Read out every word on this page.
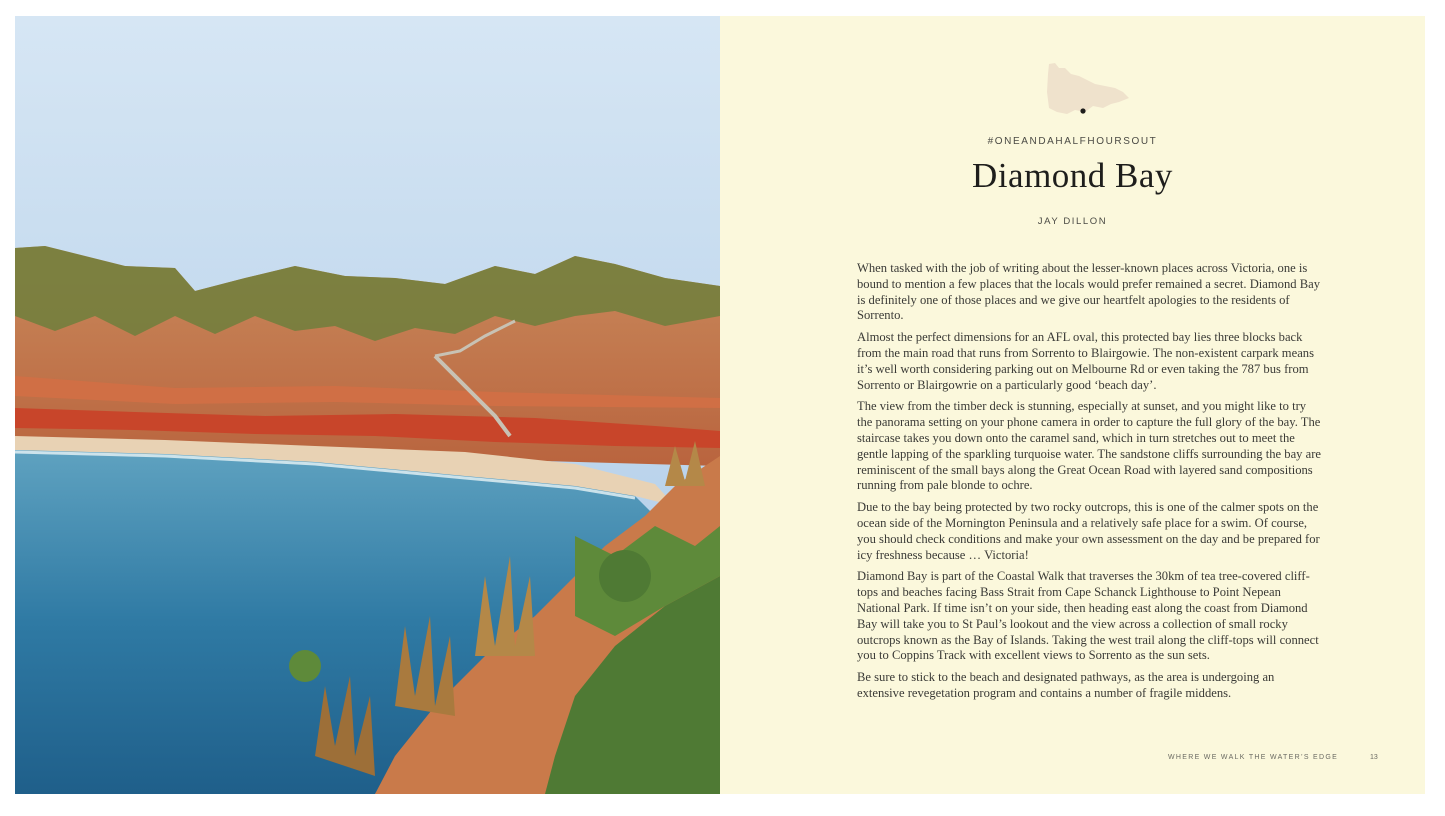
#ONEANDAHALFHOURSOUT
Diamond Bay
JAY DILLON

When tasked with the job of writing about the lesser-known places across Victoria, one is bound to mention a few places that the locals would prefer remained a secret. Diamond Bay is definitely one of those places and we give our heartfelt apologies to the residents of Sorrento.

Almost the perfect dimensions for an AFL oval, this protected bay lies three blocks back from the main road that runs from Sorrento to Blairgowie. The non-existent carpark means it’s well worth considering parking out on Melbourne Rd or even taking the 787 bus from Sorrento or Blairgowrie on a particularly good ‘beach day’.

The view from the timber deck is stunning, especially at sunset, and you might like to try the panorama setting on your phone camera in order to capture the full glory of the bay. The staircase takes you down onto the caramel sand, which in turn stretches out to meet the gentle lapping of the sparkling turquoise water. The sandstone cliffs surrounding the bay are reminiscent of the small bays along the Great Ocean Road with layered sand compositions running from pale blonde to ochre.

Due to the bay being protected by two rocky outcrops, this is one of the calmer spots on the ocean side of the Mornington Peninsula and a relatively safe place for a swim. Of course, you should check conditions and make your own assessment on the day and be prepared for icy freshness because … Victoria!

Diamond Bay is part of the Coastal Walk that traverses the 30km of tea tree-covered cliff-tops and beaches facing Bass Strait from Cape Schanck Lighthouse to Point Nepean National Park. If time isn’t on your side, then heading east along the coast from Diamond Bay will take you to St Paul’s lookout and the view across a collection of small rocky outcrops known as the Bay of Islands. Taking the west trail along the cliff-tops will connect you to Coppins Track with excellent views to Sorrento as the sun sets.

Be sure to stick to the beach and designated pathways, as the area is undergoing an extensive revegetation program and contains a number of fragile middens.

WHERE WE WALK THE WATER’S EDGE	13
